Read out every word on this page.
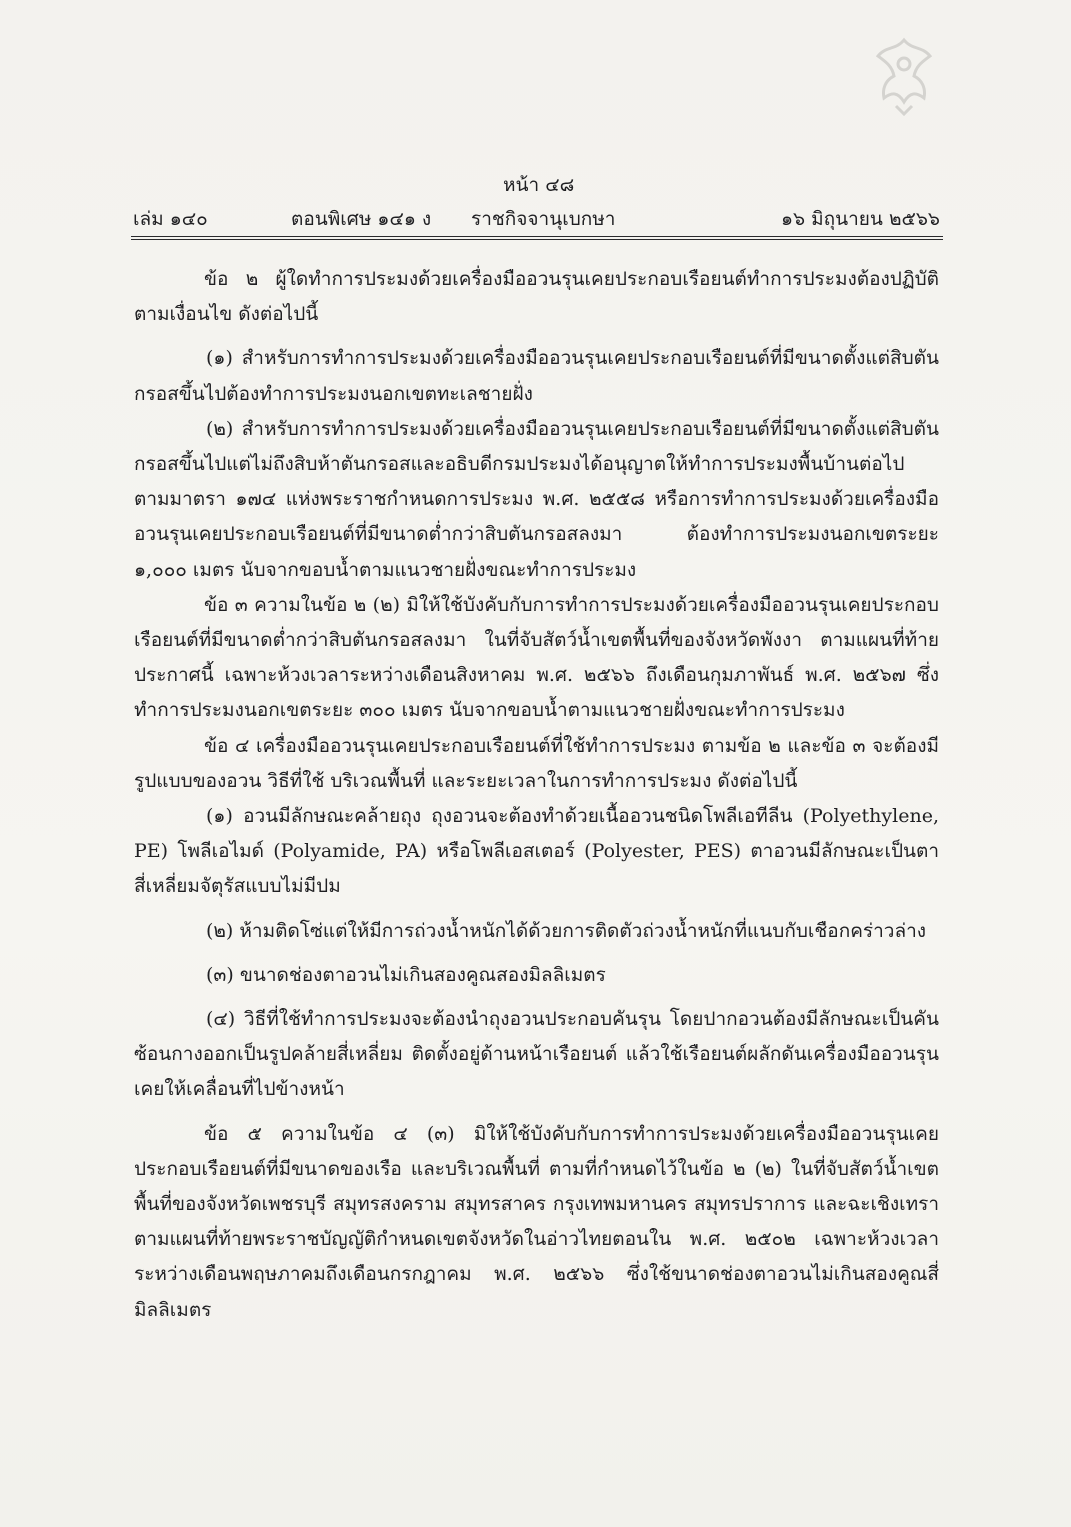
หน้า ๔๘
เล่ม ๑๔๐	ตอนพิเศษ ๑๔๑ ง ราชกิจจานุเบกษา	๑๖ มิถุนายน ๒๕๖๖

ข้อ ๒ ผู้ใดทำการประมงด้วยเครื่องมืออวนรุนเคยประกอบเรือยนต์ทำการประมงต้องปฏิบัติตามเงื่อนไข ดังต่อไปนี้

(๑) สำหรับการทำการประมงด้วยเครื่องมืออวนรุนเคยประกอบเรือยนต์ที่มีขนาดตั้งแต่สิบตันกรอสขึ้นไปต้องทำการประมงนอกเขตทะเลชายฝั่ง

(๒) สำหรับการทำการประมงด้วยเครื่องมืออวนรุนเคยประกอบเรือยนต์ที่มีขนาดตั้งแต่สิบตันกรอสขึ้นไปแต่ไม่ถึงสิบห้าตันกรอสและอธิบดีกรมประมงได้อนุญาตให้ทำการประมงพื้นบ้านต่อไปตามมาตรา ๑๗๔ แห่งพระราชกำหนดการประมง พ.ศ. ๒๕๕๘ หรือการทำการประมงด้วยเครื่องมืออวนรุนเคยประกอบเรือยนต์ที่มีขนาดต่ำกว่าสิบตันกรอสลงมา ต้องทำการประมงนอกเขตระยะ ๑,๐๐๐ เมตร นับจากขอบน้ำตามแนวชายฝั่งขณะทำการประมง

ข้อ ๓ ความในข้อ ๒ (๒) มิให้ใช้บังคับกับการทำการประมงด้วยเครื่องมืออวนรุนเคยประกอบเรือยนต์ที่มีขนาดต่ำกว่าสิบตันกรอสลงมา ในที่จับสัตว์น้ำเขตพื้นที่ของจังหวัดพังงา ตามแผนที่ท้ายประกาศนี้ เฉพาะห้วงเวลาระหว่างเดือนสิงหาคม พ.ศ. ๒๕๖๖ ถึงเดือนกุมภาพันธ์ พ.ศ. ๒๕๖๗ ซึ่งทำการประมงนอกเขตระยะ ๓๐๐ เมตร นับจากขอบน้ำตามแนวชายฝั่งขณะทำการประมง

ข้อ ๔ เครื่องมืออวนรุนเคยประกอบเรือยนต์ที่ใช้ทำการประมง ตามข้อ ๒ และข้อ ๓ จะต้องมีรูปแบบของอวน วิธีที่ใช้ บริเวณพื้นที่ และระยะเวลาในการทำการประมง ดังต่อไปนี้

(๑) อวนมีลักษณะคล้ายถุง ถุงอวนจะต้องทำด้วยเนื้ออวนชนิดโพลีเอทีลีน (Polyethylene, PE) โพลีเอไมด์ (Polyamide, PA) หรือโพลีเอสเตอร์ (Polyester, PES) ตาอวนมีลักษณะเป็นตาสี่เหลี่ยมจัตุรัสแบบไม่มีปม

(๒) ห้ามติดโซ่แต่ให้มีการถ่วงน้ำหนักได้ด้วยการติดตัวถ่วงน้ำหนักที่แนบกับเชือกคร่าวล่าง

(๓) ขนาดช่องตาอวนไม่เกินสองคูณสองมิลลิเมตร

(๔) วิธีที่ใช้ทำการประมงจะต้องนำถุงอวนประกอบคันรุน โดยปากอวนต้องมีลักษณะเป็นคันซ้อนกางออกเป็นรูปคล้ายสี่เหลี่ยม ติดตั้งอยู่ด้านหน้าเรือยนต์ แล้วใช้เรือยนต์ผลักดันเครื่องมืออวนรุนเคยให้เคลื่อนที่ไปข้างหน้า

ข้อ ๕ ความในข้อ ๔ (๓) มิให้ใช้บังคับกับการทำการประมงด้วยเครื่องมืออวนรุนเคยประกอบเรือยนต์ที่มีขนาดของเรือ และบริเวณพื้นที่ ตามที่กำหนดไว้ในข้อ ๒ (๒) ในที่จับสัตว์น้ำเขตพื้นที่ของจังหวัดเพชรบุรี สมุทรสงคราม สมุทรสาคร กรุงเทพมหานคร สมุทรปราการ และฉะเชิงเทรา ตามแผนที่ท้ายพระราชบัญญัติกำหนดเขตจังหวัดในอ่าวไทยตอนใน พ.ศ. ๒๕๐๒ เฉพาะห้วงเวลาระหว่างเดือนพฤษภาคมถึงเดือนกรกฎาคม พ.ศ. ๒๕๖๖ ซึ่งใช้ขนาดช่องตาอวนไม่เกินสองคูณสี่มิลลิเมตร
